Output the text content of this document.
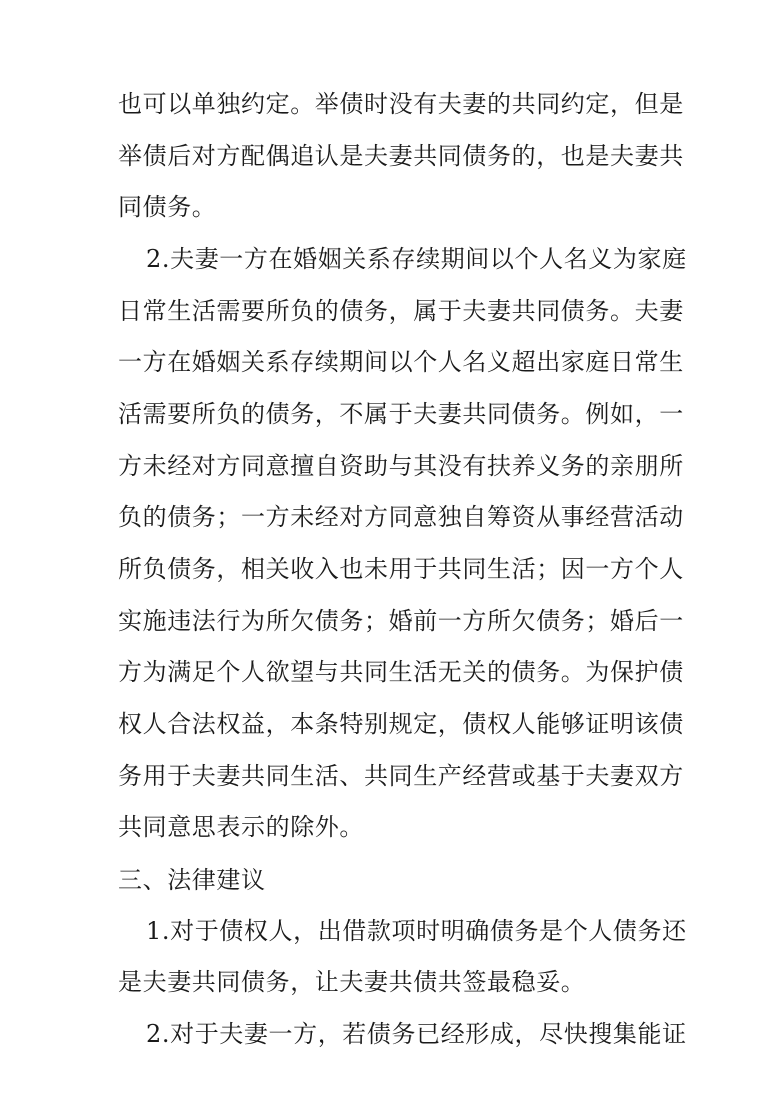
也可以单独约定。举债时没有夫妻的共同约定，但是
举债后对方配偶追认是夫妻共同债务的，也是夫妻共
同债务。
2.夫妻一方在婚姻关系存续期间以个人名义为家庭
日常生活需要所负的债务，属于夫妻共同债务。夫妻
一方在婚姻关系存续期间以个人名义超出家庭日常生
活需要所负的债务，不属于夫妻共同债务。例如，一
方未经对方同意擅自资助与其没有扶养义务的亲朋所
负的债务；一方未经对方同意独自筹资从事经营活动
所负债务，相关收入也未用于共同生活；因一方个人
实施违法行为所欠债务；婚前一方所欠债务；婚后一
方为满足个人欲望与共同生活无关的债务。为保护债
权人合法权益，本条特别规定，债权人能够证明该债
务用于夫妻共同生活、共同生产经营或基于夫妻双方
共同意思表示的除外。
三、法律建议
1.对于债权人，出借款项时明确债务是个人债务还
是夫妻共同债务，让夫妻共债共签最稳妥。
2.对于夫妻一方，若债务已经形成，尽快搜集能证
